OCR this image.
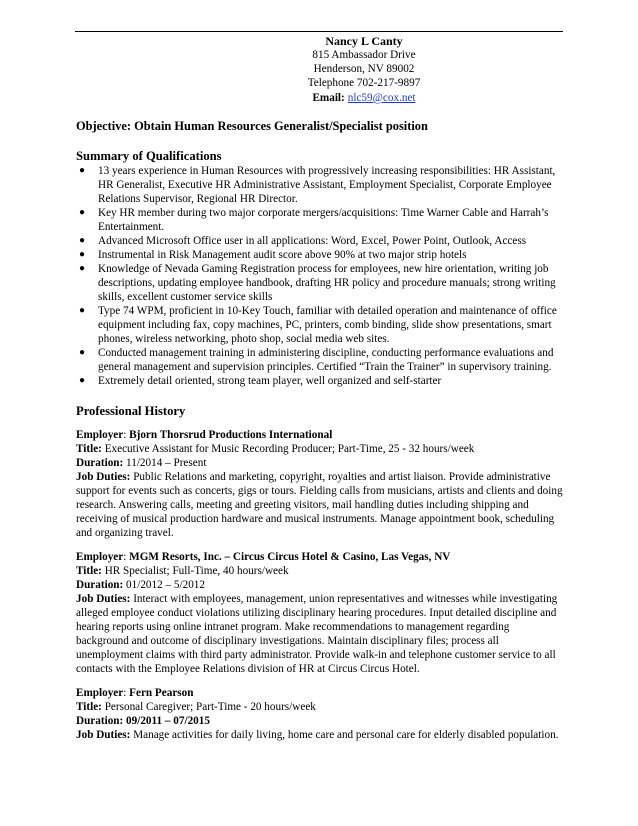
Nancy L Canty
815 Ambassador Drive
Henderson, NV 89002
Telephone 702-217-9897
Email: nlc59@cox.net
Objective: Obtain Human Resources Generalist/Specialist position
Summary of Qualifications
● 13 years experience in Human Resources with progressively increasing responsibilities: HR Assistant, HR Generalist, Executive HR Administrative Assistant, Employment Specialist, Corporate Employee Relations Supervisor, Regional HR Director.
● Key HR member during two major corporate mergers/acquisitions: Time Warner Cable and Harrah’s Entertainment.
● Advanced Microsoft Office user in all applications: Word, Excel, Power Point, Outlook, Access
● Instrumental in Risk Management audit score above 90% at two major strip hotels
● Knowledge of Nevada Gaming Registration process for employees, new hire orientation, writing job descriptions, updating employee handbook, drafting HR policy and procedure manuals; strong writing skills, excellent customer service skills
● Type 74 WPM, proficient in 10-Key Touch, familiar with detailed operation and maintenance of office equipment including fax, copy machines, PC, printers, comb binding, slide show presentations, smart phones, wireless networking, photo shop, social media web sites.
● Conducted management training in administering discipline, conducting performance evaluations and general management and supervision principles. Certified “Train the Trainer” in supervisory training.
● Extremely detail oriented, strong team player, well organized and self-starter
Professional History
Employer: Bjorn Thorsrud Productions International
Title: Executive Assistant for Music Recording Producer; Part-Time, 25 - 32 hours/week
Duration: 11/2014 – Present
Job Duties: Public Relations and marketing, copyright, royalties and artist liaison. Provide administrative support for events such as concerts, gigs or tours. Fielding calls from musicians, artists and clients and doing research. Answering calls, meeting and greeting visitors, mail handling duties including shipping and receiving of musical production hardware and musical instruments. Manage appointment book, scheduling and organizing travel.
Employer: MGM Resorts, Inc. – Circus Circus Hotel & Casino, Las Vegas, NV
Title: HR Specialist; Full-Time, 40 hours/week
Duration: 01/2012 – 5/2012
Job Duties: Interact with employees, management, union representatives and witnesses while investigating alleged employee conduct violations utilizing disciplinary hearing procedures. Input detailed discipline and hearing reports using online intranet program. Make recommendations to management regarding background and outcome of disciplinary investigations. Maintain disciplinary files; process all unemployment claims with third party administrator. Provide walk-in and telephone customer service to all contacts with the Employee Relations division of HR at Circus Circus Hotel.
Employer: Fern Pearson
Title: Personal Caregiver; Part-Time - 20 hours/week
Duration: 09/2011 – 07/2015
Job Duties: Manage activities for daily living, home care and personal care for elderly disabled population.
